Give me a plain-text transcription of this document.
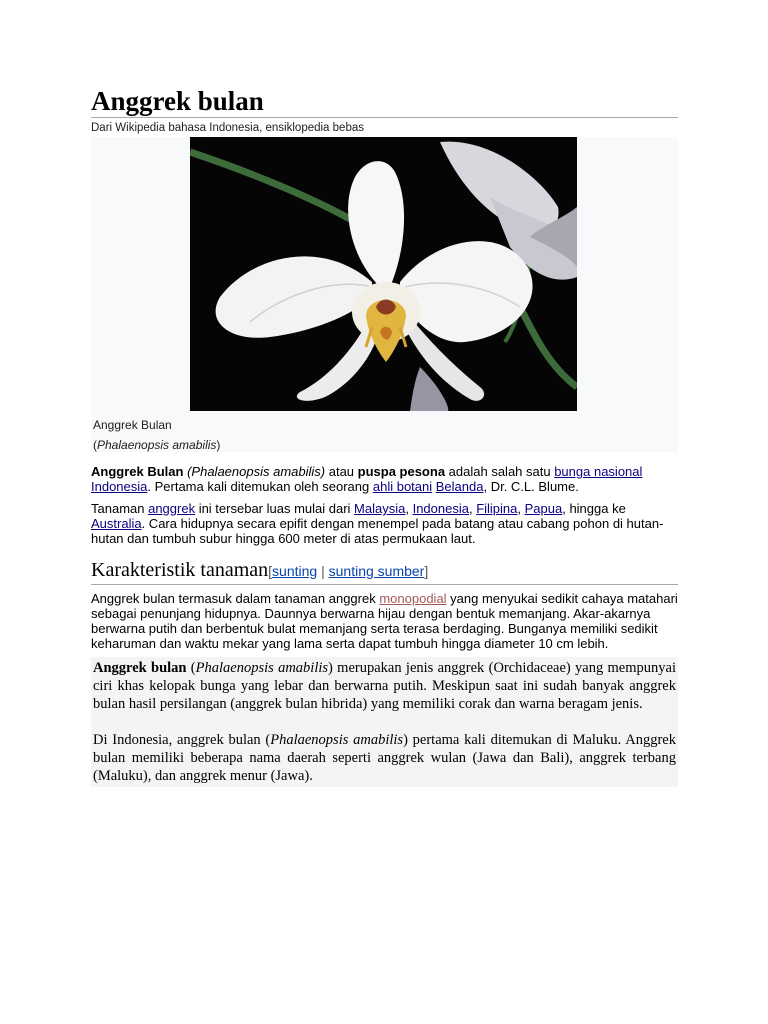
Anggrek bulan
Dari Wikipedia bahasa Indonesia, ensiklopedia bebas
Anggrek Bulan
(Phalaenopsis amabilis)

Anggrek Bulan (Phalaenopsis amabilis) atau puspa pesona adalah salah satu bunga nasional Indonesia. Pertama kali ditemukan oleh seorang ahli botani Belanda, Dr. C.L. Blume.

Tanaman anggrek ini tersebar luas mulai dari Malaysia, Indonesia, Filipina, Papua, hingga ke Australia. Cara hidupnya secara epifit dengan menempel pada batang atau cabang pohon di hutan-hutan dan tumbuh subur hingga 600 meter di atas permukaan laut.

Karakteristik tanaman[sunting | sunting sumber]

Anggrek bulan termasuk dalam tanaman anggrek monopodial yang menyukai sedikit cahaya matahari sebagai penunjang hidupnya. Daunnya berwarna hijau dengan bentuk memanjang. Akar-akarnya berwarna putih dan berbentuk bulat memanjang serta terasa berdaging. Bunganya memiliki sedikit keharuman dan waktu mekar yang lama serta dapat tumbuh hingga diameter 10 cm lebih.

Anggrek bulan (Phalaenopsis amabilis) merupakan jenis anggrek (Orchidaceae) yang mempunyai ciri khas kelopak bunga yang lebar dan berwarna putih. Meskipun saat ini sudah banyak anggrek bulan hasil persilangan (anggrek bulan hibrida) yang memiliki corak dan warna beragam jenis.

Di Indonesia, anggrek bulan (Phalaenopsis amabilis) pertama kali ditemukan di Maluku. Anggrek bulan memiliki beberapa nama daerah seperti anggrek wulan (Jawa dan Bali), anggrek terbang (Maluku), dan anggrek menur (Jawa).
